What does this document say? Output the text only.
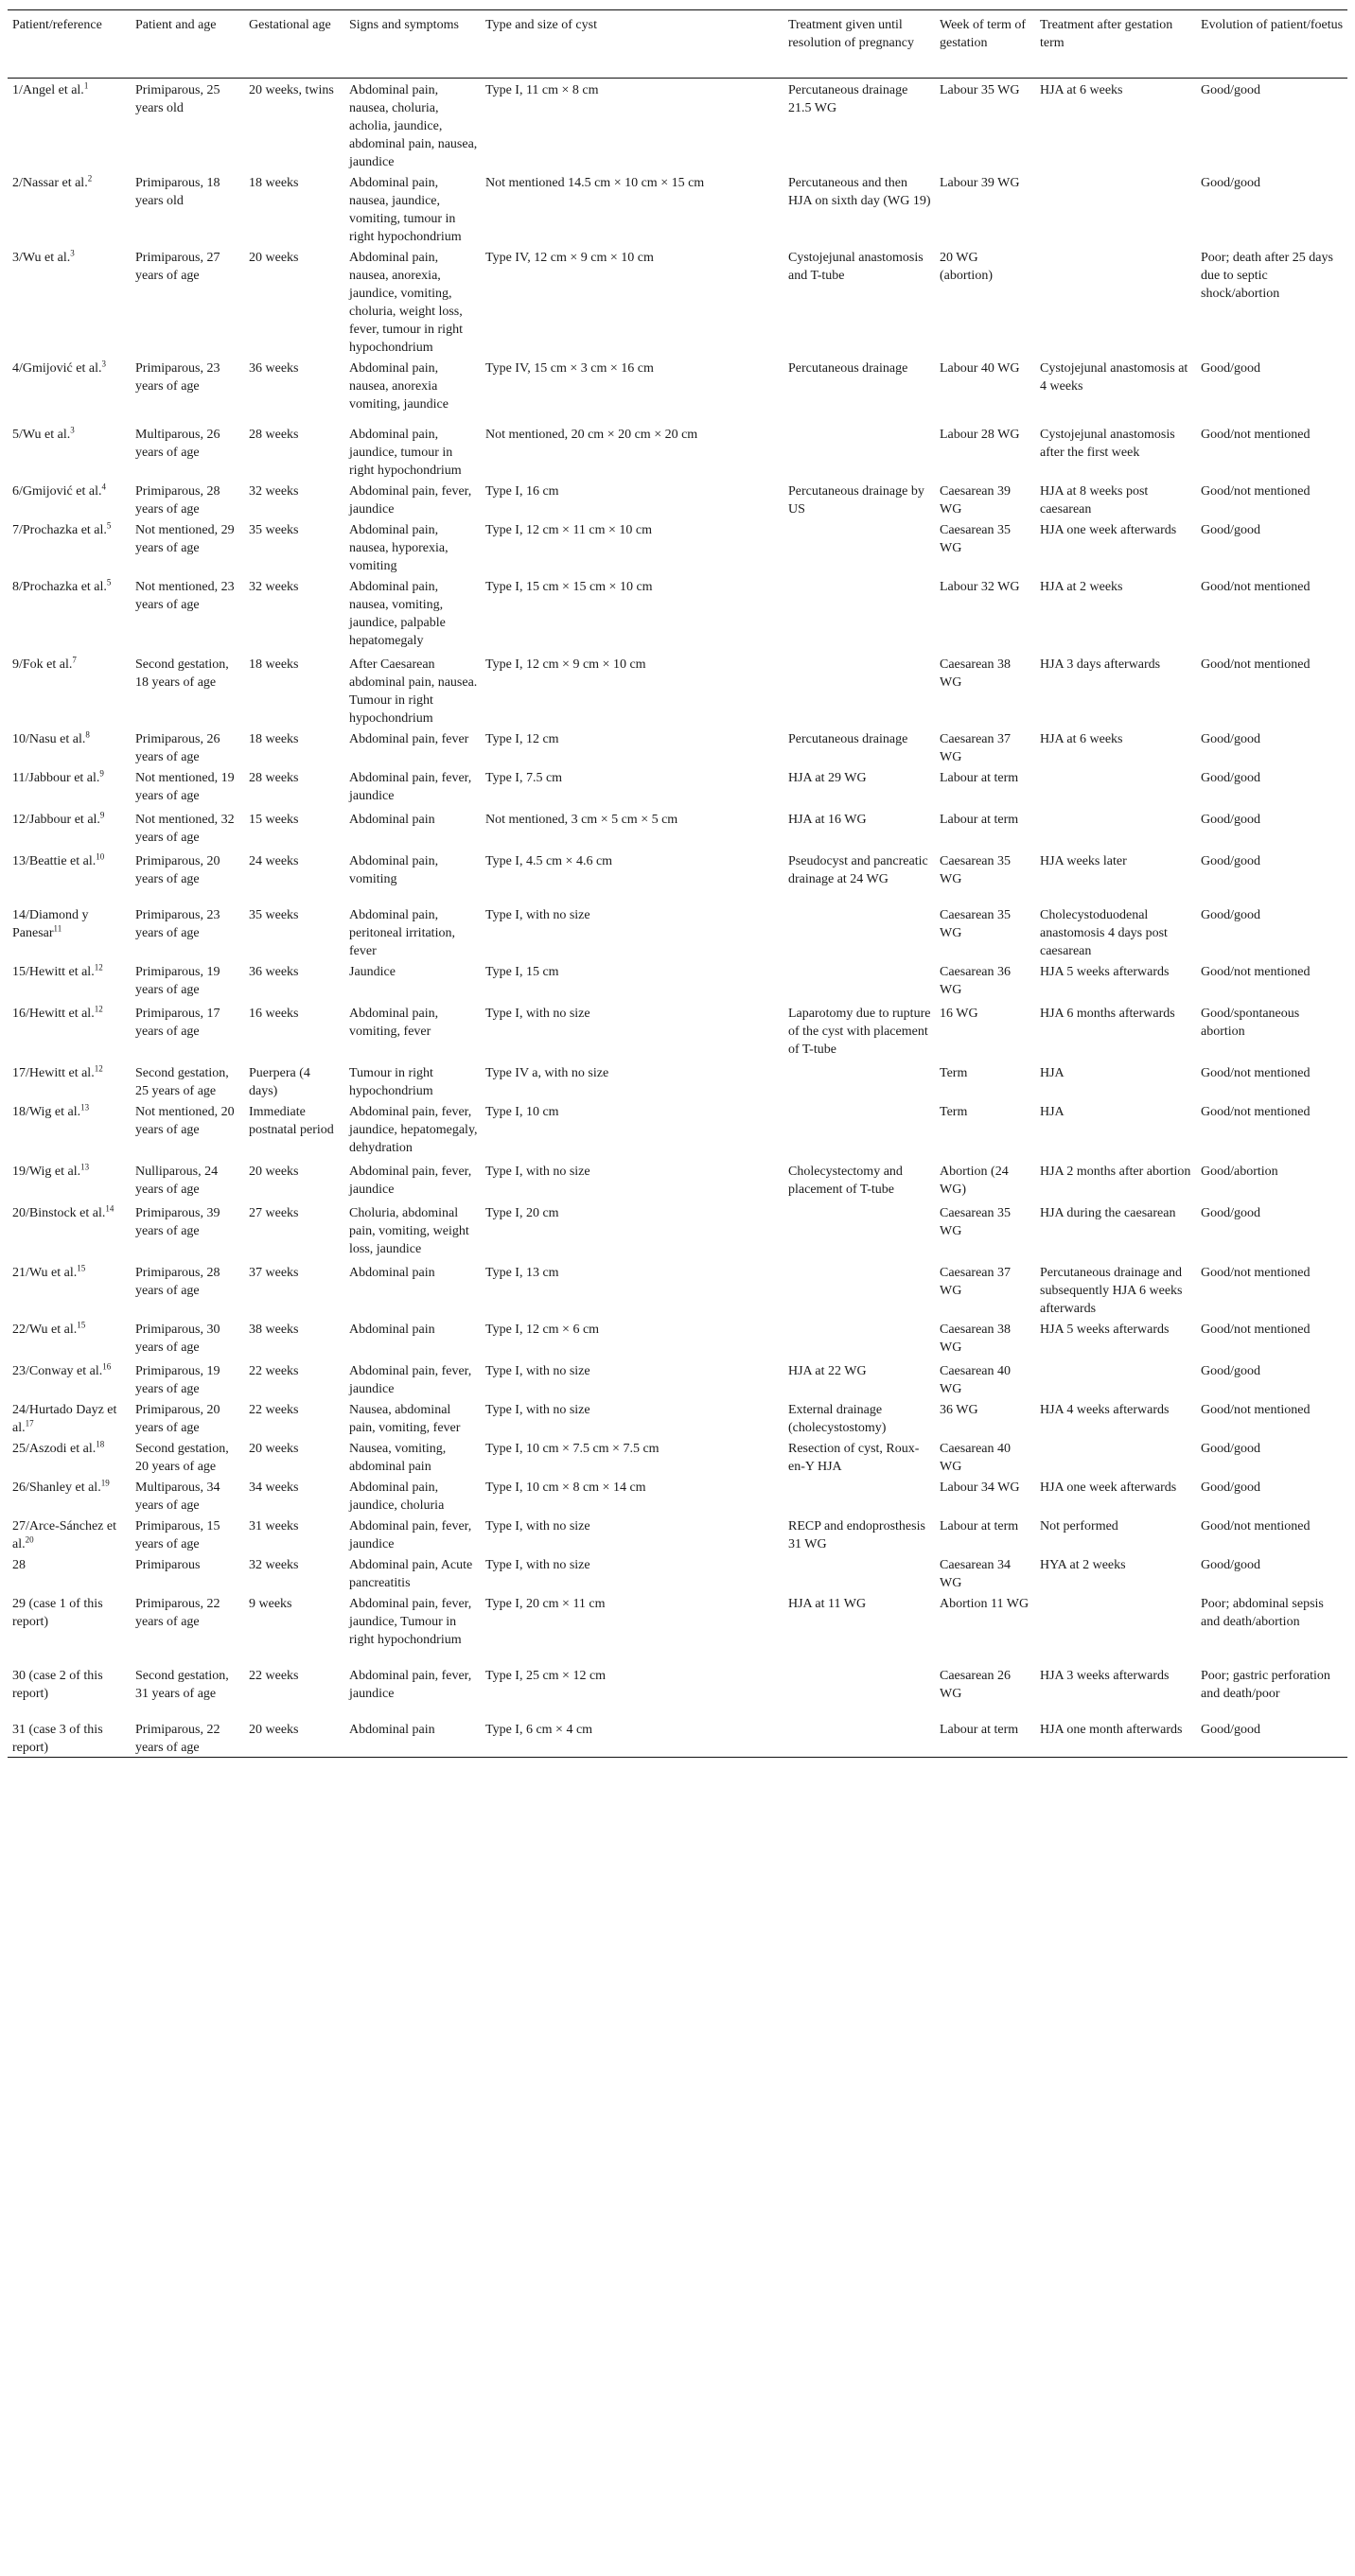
Patient/reference	Patient and age	Gestational age	Signs and symptoms	Type and size of cyst	Treatment given until resolution of pregnancy	Week of term of gestation	Treatment after gestation term	Evolution of patient/foetus
1/Angel et al.$^1$	Primiparous, 25 years old	20 weeks, twins	Abdominal pain, nausea, choluria, acholia, jaundice, abdominal pain, nausea, jaundice	Type I, 11 cm × 8 cm	Percutaneous drainage 21.5 WG	Labour 35 WG	HJA at 6 weeks	Good/good
2/Nassar et al.$^2$	Primiparous, 18 years old	18 weeks	Abdominal pain, nausea, jaundice, vomiting, tumour in right hypochondrium	Not mentioned 14.5 cm × 10 cm × 15 cm	Percutaneous and then HJA on sixth day (WG 19)	Labour 39 WG		Good/good
3/Wu et al.$^3$	Primiparous, 27 years of age	20 weeks	Abdominal pain, nausea, anorexia, jaundice, vomiting, choluria, weight loss, fever, tumour in right hypochondrium	Type IV, 12 cm × 9 cm × 10 cm	Cystojejunal anastomosis and T-tube	20 WG (abortion)		Poor; death after 25 days due to septic shock/abortion
4/Gmijović et al.$^3$	Primiparous, 23 years of age	36 weeks	Abdominal pain, nausea, anorexia vomiting, jaundice	Type IV, 15 cm × 3 cm × 16 cm	Percutaneous drainage	Labour 40 WG	Cystojejunal anastomosis at 4 weeks	Good/good
5/Wu et al.$^3$	Multiparous, 26 years of age	28 weeks	Abdominal pain, jaundice, tumour in right hypochondrium	Not mentioned, 20 cm × 20 cm × 20 cm		Labour 28 WG	Cystojejunal anastomosis after the first week	Good/not mentioned
6/Gmijović et al.$^4$	Primiparous, 28 years of age	32 weeks	Abdominal pain, fever, jaundice	Type I, 16 cm	Percutaneous drainage by US	Caesarean 39 WG	HJA at 8 weeks post caesarean	Good/not mentioned
7/Prochazka et al.$^5$	Not mentioned, 29 years of age	35 weeks	Abdominal pain, nausea, hyporexia, vomiting	Type I, 12 cm × 11 cm × 10 cm		Caesarean 35 WG	HJA one week afterwards	Good/good
8/Prochazka et al.$^5$	Not mentioned, 23 years of age	32 weeks	Abdominal pain, nausea, vomiting, jaundice, palpable hepatomegaly	Type I, 15 cm × 15 cm × 10 cm		Labour 32 WG	HJA at 2 weeks	Good/not mentioned
9/Fok et al.$^7$	Second gestation, 18 years of age	18 weeks	After Caesarean abdominal pain, nausea. Tumour in right hypochondrium	Type I, 12 cm × 9 cm × 10 cm		Caesarean 38 WG	HJA 3 days afterwards	Good/not mentioned
10/Nasu et al.$^8$	Primiparous, 26 years of age	18 weeks	Abdominal pain, fever	Type I, 12 cm	Percutaneous drainage	Caesarean 37 WG	HJA at 6 weeks	Good/good
11/Jabbour et al.$^9$	Not mentioned, 19 years of age	28 weeks	Abdominal pain, fever, jaundice	Type I, 7.5 cm	HJA at 29 WG	Labour at term		Good/good
12/Jabbour et al.$^9$	Not mentioned, 32 years of age	15 weeks	Abdominal pain	Not mentioned, 3 cm × 5 cm × 5 cm	HJA at 16 WG	Labour at term		Good/good
13/Beattie et al.$^{10}$	Primiparous, 20 years of age	24 weeks	Abdominal pain, vomiting	Type I, 4.5 cm × 4.6 cm	Pseudocyst and pancreatic drainage at 24 WG	Caesarean 35 WG	HJA weeks later	Good/good
14/Diamond y Panesar$^{11}$	Primiparous, 23 years of age	35 weeks	Abdominal pain, peritoneal irritation, fever	Type I, with no size		Caesarean 35 WG	Cholecystoduodenal anastomosis 4 days post caesarean	Good/good
15/Hewitt et al.$^{12}$	Primiparous, 19 years of age	36 weeks	Jaundice	Type I, 15 cm		Caesarean 36 WG	HJA 5 weeks afterwards	Good/not mentioned
16/Hewitt et al.$^{12}$	Primiparous, 17 years of age	16 weeks	Abdominal pain, vomiting, fever	Type I, with no size	Laparotomy due to rupture of the cyst with placement of T-tube	16 WG	HJA 6 months afterwards	Good/spontaneous abortion
17/Hewitt et al.$^{12}$	Second gestation, 25 years of age	Puerpera (4 days)	Tumour in right hypochondrium	Type IV a, with no size		Term	HJA	Good/not mentioned
18/Wig et al.$^{13}$	Not mentioned, 20 years of age	Immediate postnatal period	Abdominal pain, fever, jaundice, hepatomegaly, dehydration	Type I, 10 cm		Term	HJA	Good/not mentioned
19/Wig et al.$^{13}$	Nulliparous, 24 years of age	20 weeks	Abdominal pain, fever, jaundice	Type I, with no size	Cholecystectomy and placement of T-tube	Abortion (24 WG)	HJA 2 months after abortion	Good/abortion
20/Binstock et al.$^{14}$	Primiparous, 39 years of age	27 weeks	Choluria, abdominal pain, vomiting, weight loss, jaundice	Type I, 20 cm		Caesarean 35 WG	HJA during the caesarean	Good/good
21/Wu et al.$^{15}$	Primiparous, 28 years of age	37 weeks	Abdominal pain	Type I, 13 cm		Caesarean 37 WG	Percutaneous drainage and subsequently HJA 6 weeks afterwards	Good/not mentioned
22/Wu et al.$^{15}$	Primiparous, 30 years of age	38 weeks	Abdominal pain	Type I, 12 cm × 6 cm		Caesarean 38 WG	HJA 5 weeks afterwards	Good/not mentioned
23/Conway et al.$^{16}$	Primiparous, 19 years of age	22 weeks	Abdominal pain, fever, jaundice	Type I, with no size	HJA at 22 WG	Caesarean 40 WG		Good/good
24/Hurtado Dayz et al.$^{17}$	Primiparous, 20 years of age	22 weeks	Nausea, abdominal pain, vomiting, fever	Type I, with no size	External drainage (cholecystostomy)	36 WG	HJA 4 weeks afterwards	Good/not mentioned
25/Aszodi et al.$^{18}$	Second gestation, 20 years of age	20 weeks	Nausea, vomiting, abdominal pain	Type I, 10 cm × 7.5 cm × 7.5 cm	Resection of cyst, Roux- en-Y HJA	Caesarean 40 WG		Good/good
26/Shanley et al.$^{19}$	Multiparous, 34 years of age	34 weeks	Abdominal pain, jaundice, choluria	Type I, 10 cm × 8 cm × 14 cm		Labour 34 WG	HJA one week afterwards	Good/good
27/Arce-Sánchez et al.$^{20}$	Primiparous, 15 years of age	31 weeks	Abdominal pain, fever, jaundice	Type I, with no size	RECP and endoprosthesis 31 WG	Labour at term	Not performed	Good/not mentioned
28	Primiparous	32 weeks	Abdominal pain, Acute pancreatitis	Type I, with no size		Caesarean 34 WG	HYA at 2 weeks	Good/good
29 (case 1 of this report)	Primiparous, 22 years of age	9 weeks	Abdominal pain, fever, jaundice, Tumour in right hypochondrium	Type I, 20 cm × 11 cm	HJA at 11 WG	Abortion 11 WG		Poor; abdominal sepsis and death/abortion
30 (case 2 of this report)	Second gestation, 31 years of age	22 weeks	Abdominal pain, fever, jaundice	Type I, 25 cm × 12 cm		Caesarean 26 WG	HJA 3 weeks afterwards	Poor; gastric perforation and death/poor
31 (case 3 of this report)	Primiparous, 22 years of age	20 weeks	Abdominal pain	Type I, 6 cm × 4 cm		Labour at term	HJA one month afterwards	Good/good
